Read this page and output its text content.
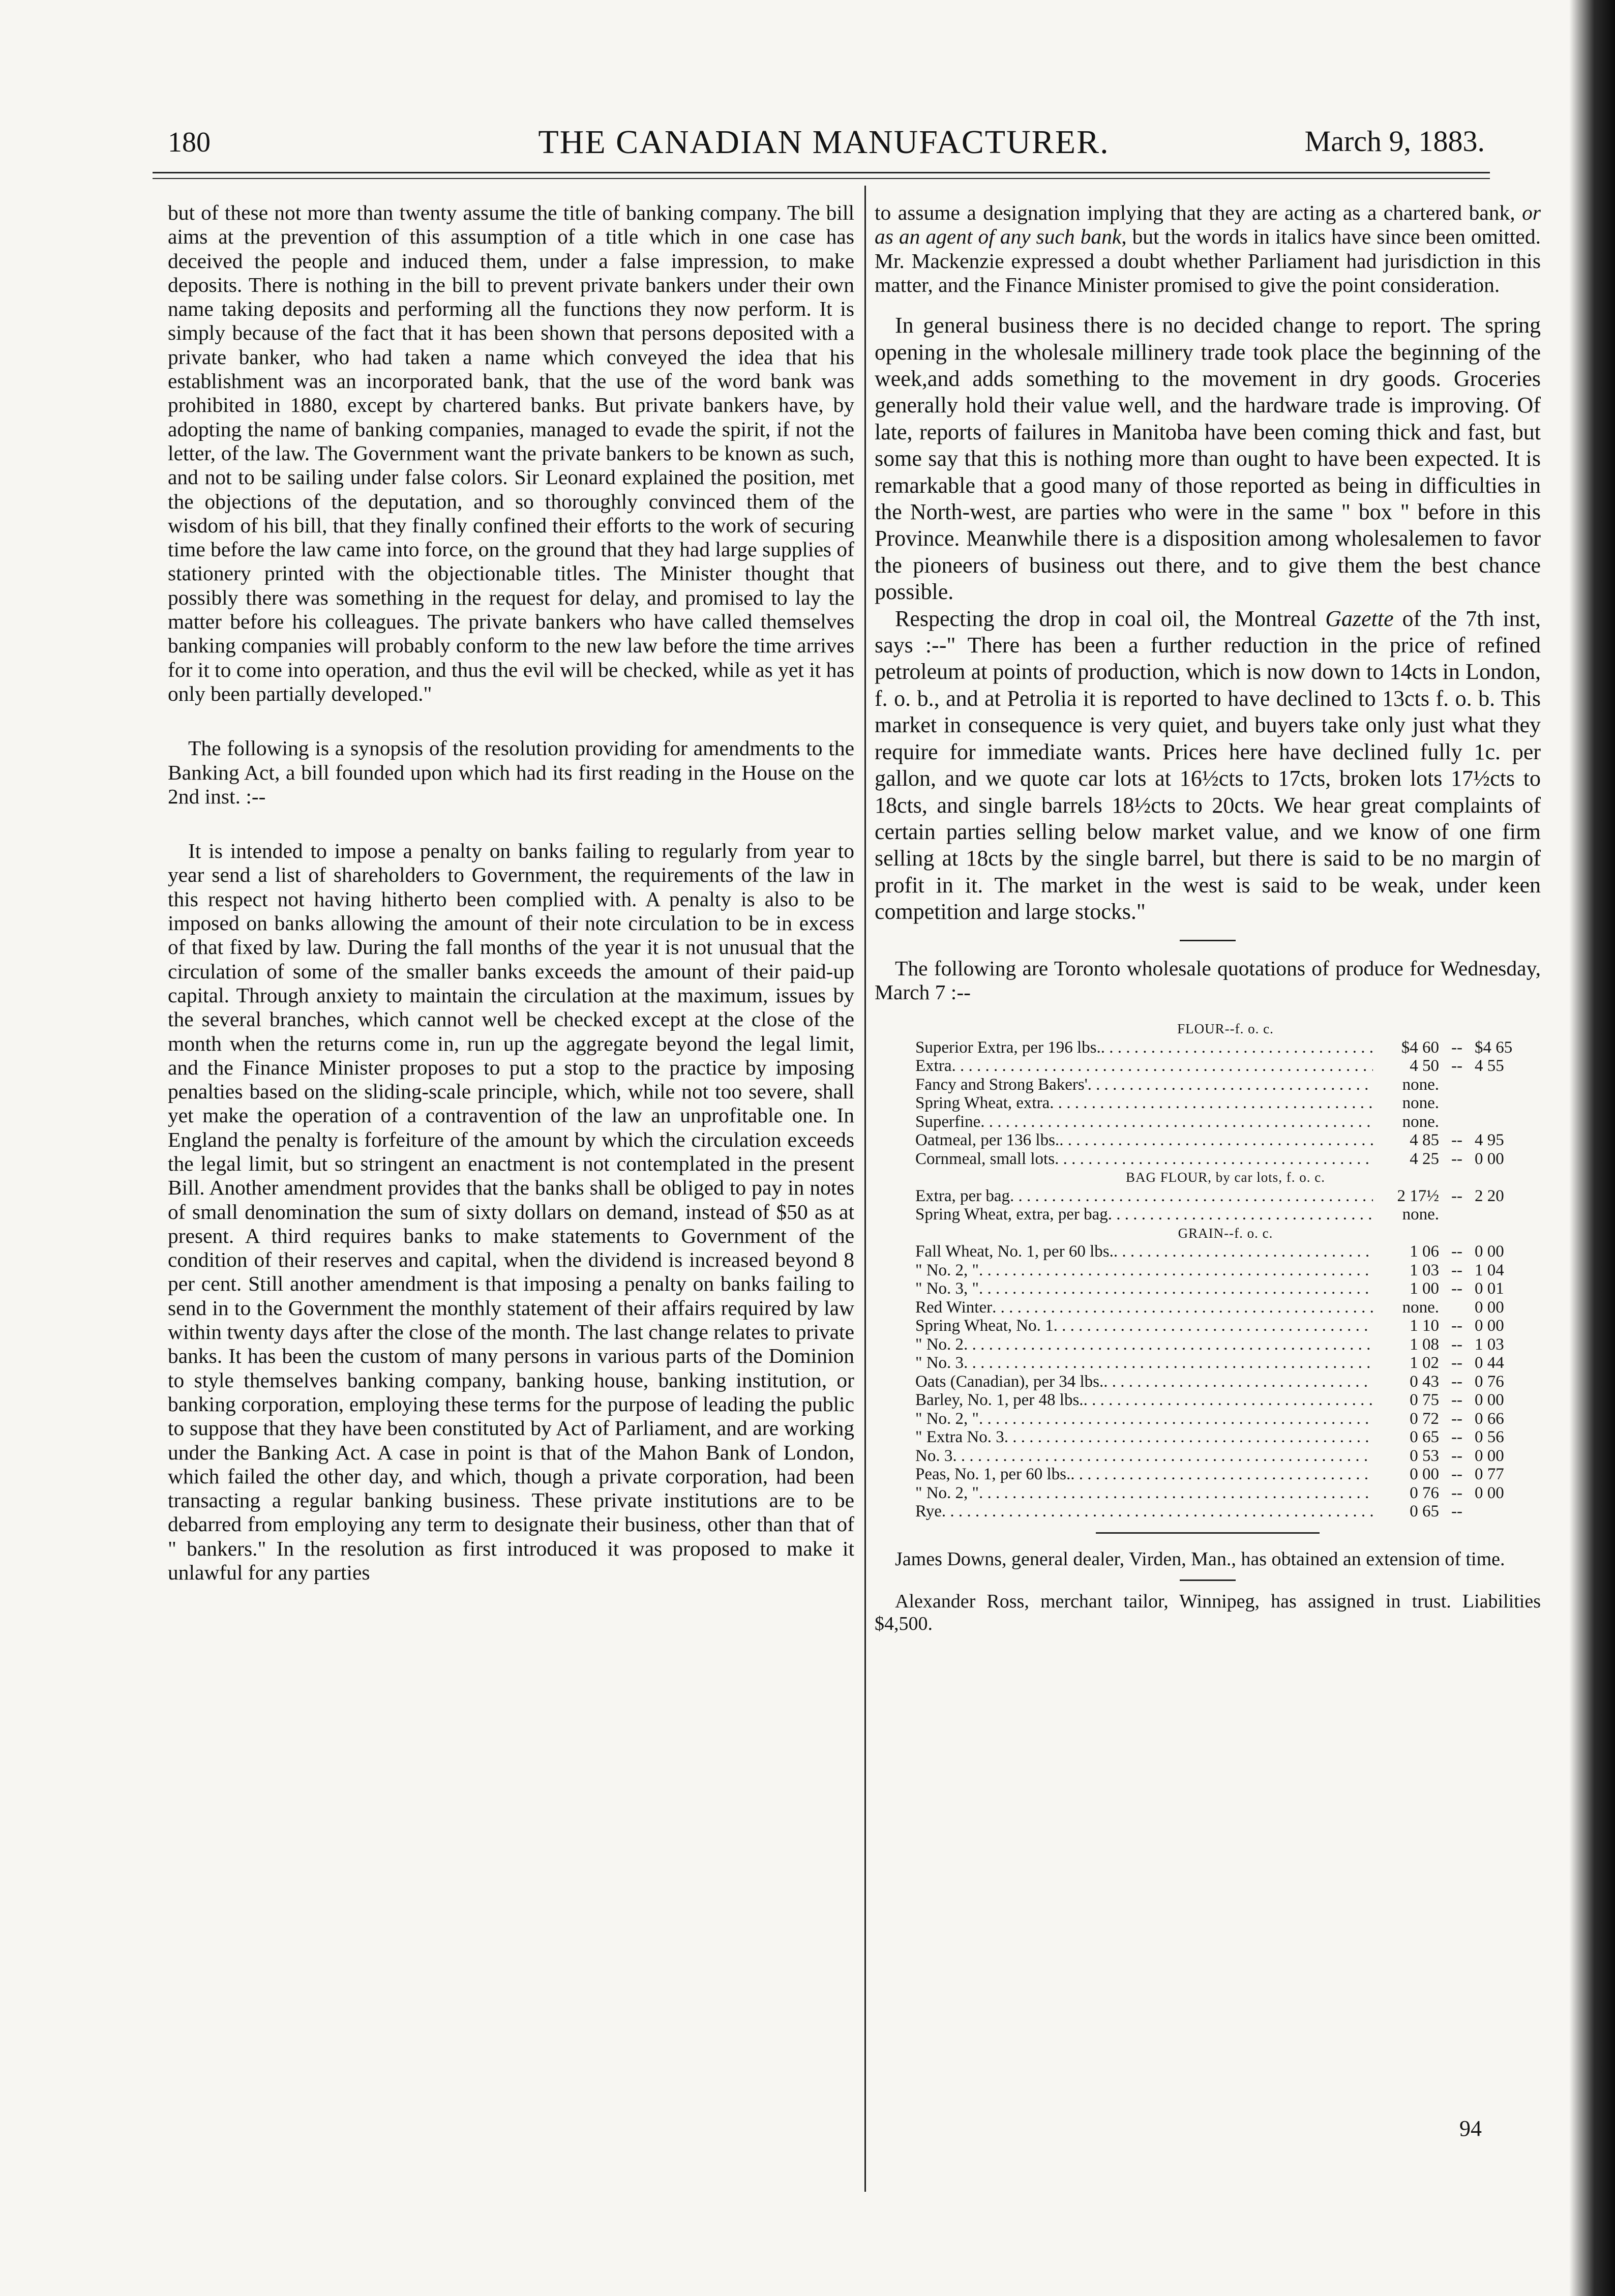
180	THE CANADIAN MANUFACTURER.	March 9, 1883.

but of these not more than twenty assume the title of banking company. The bill aims at the prevention of this assumption of a title which in one case has deceived the people and induced them, under a false impression, to make deposits. There is nothing in the bill to prevent private bankers under their own name taking deposits and performing all the functions they now perform. It is simply because of the fact that it has been shown that persons deposited with a private banker, who had taken a name which conveyed the idea that his establishment was an incorporated bank, that the use of the word bank was prohibited in 1880, except by chartered banks. But private bankers have, by adopting the name of banking companies, managed to evade the spirit, if not the letter, of the law. The Government want the private bankers to be known as such, and not to be sailing under false colors. Sir Leonard explained the position, met the objections of the deputation, and so thoroughly convinced them of the wisdom of his bill, that they finally confined their efforts to the work of securing time before the law came into force, on the ground that they had large supplies of stationery printed with the objectionable titles. The Minister thought that possibly there was something in the request for delay, and promised to lay the matter before his colleagues. The private bankers who have called themselves banking companies will probably conform to the new law before the time arrives for it to come into operation, and thus the evil will be checked, while as yet it has only been partially developed."

The following is a synopsis of the resolution providing for amendments to the Banking Act, a bill founded upon which had its first reading in the House on the 2nd inst. :--

It is intended to impose a penalty on banks failing to regularly from year to year send a list of shareholders to Government, the requirements of the law in this respect not having hitherto been complied with. A penalty is also to be imposed on banks allowing the amount of their note circulation to be in excess of that fixed by law. During the fall months of the year it is not unusual that the circulation of some of the smaller banks exceeds the amount of their paid-up capital. Through anxiety to maintain the circulation at the maximum, issues by the several branches, which cannot well be checked except at the close of the month when the returns come in, run up the aggregate beyond the legal limit, and the Finance Minister proposes to put a stop to the practice by imposing penalties based on the sliding-scale principle, which, while not too severe, shall yet make the operation of a contravention of the law an unprofitable one. In England the penalty is forfeiture of the amount by which the circulation exceeds the legal limit, but so stringent an enactment is not contemplated in the present Bill. Another amendment provides that the banks shall be obliged to pay in notes of small denomination the sum of sixty dollars on demand, instead of $50 as at present. A third requires banks to make statements to Government of the condition of their reserves and capital, when the dividend is increased beyond 8 per cent. Still another amendment is that imposing a penalty on banks failing to send in to the Government the monthly statement of their affairs required by law within twenty days after the close of the month. The last change relates to private banks. It has been the custom of many persons in various parts of the Dominion to style themselves banking company, banking house, banking institution, or banking corporation, employing these terms for the purpose of leading the public to suppose that they have been constituted by Act of Parliament, and are working under the Banking Act. A case in point is that of the Mahon Bank of London, which failed the other day, and which, though a private corporation, had been transacting a regular banking business. These private institutions are to be debarred from employing any term to designate their business, other than that of " bankers." In the resolution as first introduced it was proposed to make it unlawful for any parties

to assume a designation implying that they are acting as a chartered bank, or as an agent of any such bank, but the words in italics have since been omitted. Mr. Mackenzie expressed a doubt whether Parliament had jurisdiction in this matter, and the Finance Minister promised to give the point consideration.

In general business there is no decided change to report. The spring opening in the wholesale millinery trade took place the beginning of the week,and adds something to the movement in dry goods. Groceries generally hold their value well, and the hardware trade is improving. Of late, reports of failures in Manitoba have been coming thick and fast, but some say that this is nothing more than ought to have been expected. It is remarkable that a good many of those reported as being in difficulties in the North-west, are parties who were in the same " box " before in this Province. Meanwhile there is a disposition among wholesalemen to favor the pioneers of business out there, and to give them the best chance possible.

Respecting the drop in coal oil, the Montreal Gazette of the 7th inst, says :--" There has been a further reduction in the price of refined petroleum at points of production, which is now down to 14cts in London, f. o. b., and at Petrolia it is reported to have declined to 13cts f. o. b. This market in consequence is very quiet, and buyers take only just what they require for immediate wants. Prices here have declined fully 1c. per gallon, and we quote car lots at 16½cts to 17cts, broken lots 17½cts to 18cts, and single barrels 18½cts to 20cts. We hear great complaints of certain parties selling below market value, and we know of one firm selling at 18cts by the single barrel, but there is said to be no margin of profit in it. The market in the west is said to be weak, under keen competition and large stocks."

The following are Toronto wholesale quotations of produce for Wednesday, March 7 :--

FLOUR--f. o. c.
Superior Extra, per 196 lbs. . . .	$4 60 -- $4 65
Extra . . .	4 50 -- 4 55
Fancy and Strong Bakers' . . .	none.
Spring Wheat, extra . . .	none.
Superfine . . .	none.
Oatmeal, per 136 lbs. . . .	4 85 -- 4 95
Cornmeal, small lots . . .	4 25 -- 0 00
BAG FLOUR, by car lots, f. o. c.
Extra, per bag . . .	2 17½ -- 2 20
Spring Wheat, extra, per bag . . .	none.
GRAIN--f. o. c.
Fall Wheat, No. 1, per 60 lbs. . . .	1 06 -- 0 00
" No. 2, " . . .	1 03 -- 1 04
" No. 3, " . . .	1 00 -- 0 01
Red Winter . . .	none. 0 00
Spring Wheat, No. 1 . . .	1 10 -- 0 00
" No. 2 . . .	1 08 -- 1 03
" No. 3 . . .	1 02 -- 0 44
Oats (Canadian), per 34 lbs. . . .	0 43 -- 0 76
Barley, No. 1, per 48 lbs. . . .	0 75 -- 0 00
" No. 2, " . . .	0 72 -- 0 66
" Extra No. 3 . . .	0 65 -- 0 56
No. 3 . . .	0 53 -- 0 00
Peas, No. 1, per 60 lbs. . . .	0 00 -- 0 77
" No. 2, " . . .	0 76 -- 0 00
Rye . . .	0 65 --

James Downs, general dealer, Virden, Man., has obtained an extension of time.

Alexander Ross, merchant tailor, Winnipeg, has assigned in trust. Liabilities $4,500.

94
